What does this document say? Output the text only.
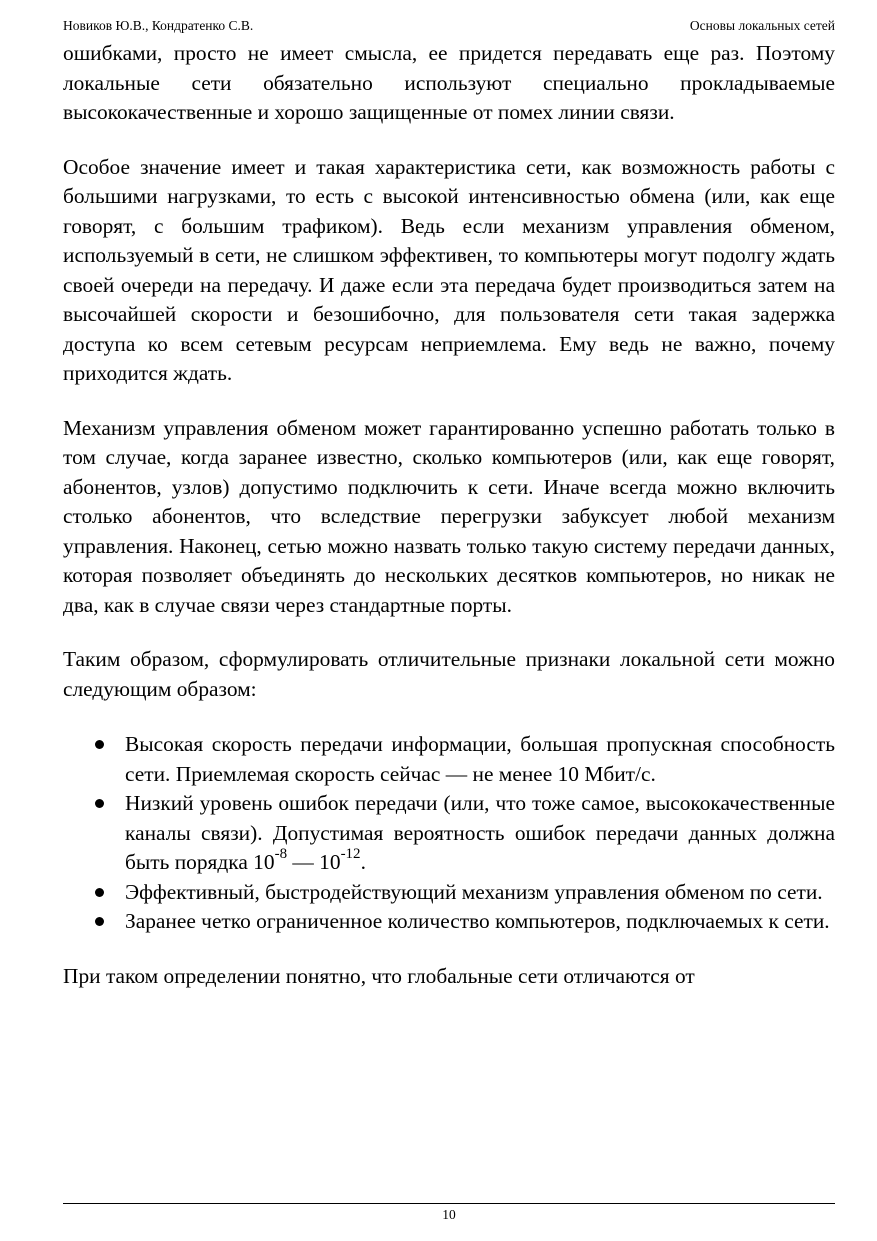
Новиков Ю.В., Кондратенко С.В.	Основы локальных сетей

ошибками, просто не имеет смысла, ее придется передавать еще раз. Поэтому локальные сети обязательно используют специально прокладываемые высококачественные и хорошо защищенные от помех линии связи.

Особое значение имеет и такая характеристика сети, как возможность работы с большими нагрузками, то есть с высокой интенсивностью обмена (или, как еще говорят, с большим трафиком). Ведь если механизм управления обменом, используемый в сети, не слишком эффективен, то компьютеры могут подолгу ждать своей очереди на передачу. И даже если эта передача будет производиться затем на высочайшей скорости и безошибочно, для пользователя сети такая задержка доступа ко всем сетевым ресурсам неприемлема. Ему ведь не важно, почему приходится ждать.

Механизм управления обменом может гарантированно успешно работать только в том случае, когда заранее известно, сколько компьютеров (или, как еще говорят, абонентов, узлов) допустимо подключить к сети. Иначе всегда можно включить столько абонентов, что вследствие перегрузки забуксует любой механизм управления. Наконец, сетью можно назвать только такую систему передачи данных, которая позволяет объединять до нескольких десятков компьютеров, но никак не два, как в случае связи через стандартные порты.

Таким образом, сформулировать отличительные признаки локальной сети можно следующим образом:

Высокая скорость передачи информации, большая пропускная способность сети. Приемлемая скорость сейчас — не менее 10 Мбит/с.
Низкий уровень ошибок передачи (или, что тоже самое, высококачественные каналы связи). Допустимая вероятность ошибок передачи данных должна быть порядка $10^{-8}$ — $10^{-12}$.
Эффективный, быстродействующий механизм управления обменом по сети.
Заранее четко ограниченное количество компьютеров, подключаемых к сети.

При таком определении понятно, что глобальные сети отличаются от

10
